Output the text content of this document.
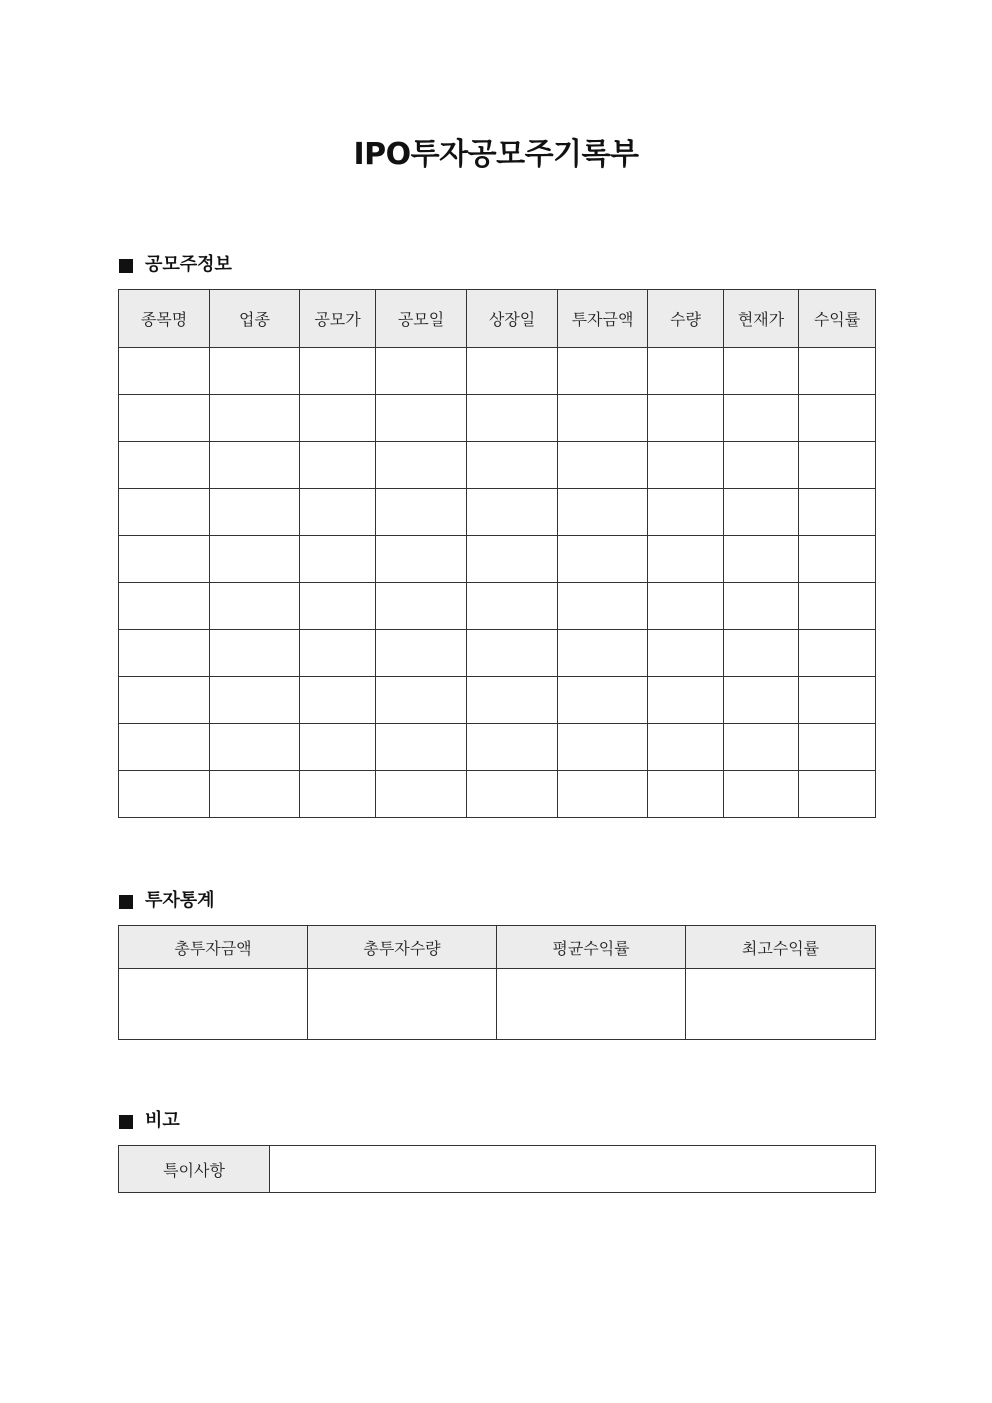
IPO투자공모주기록부
공모주정보
종목명	업종	공모가	공모일	상장일	투자금액	수량	현재가	수익률

투자통계
총투자금액	총투자수량	평균수익률	최고수익률

비고
특이사항	
